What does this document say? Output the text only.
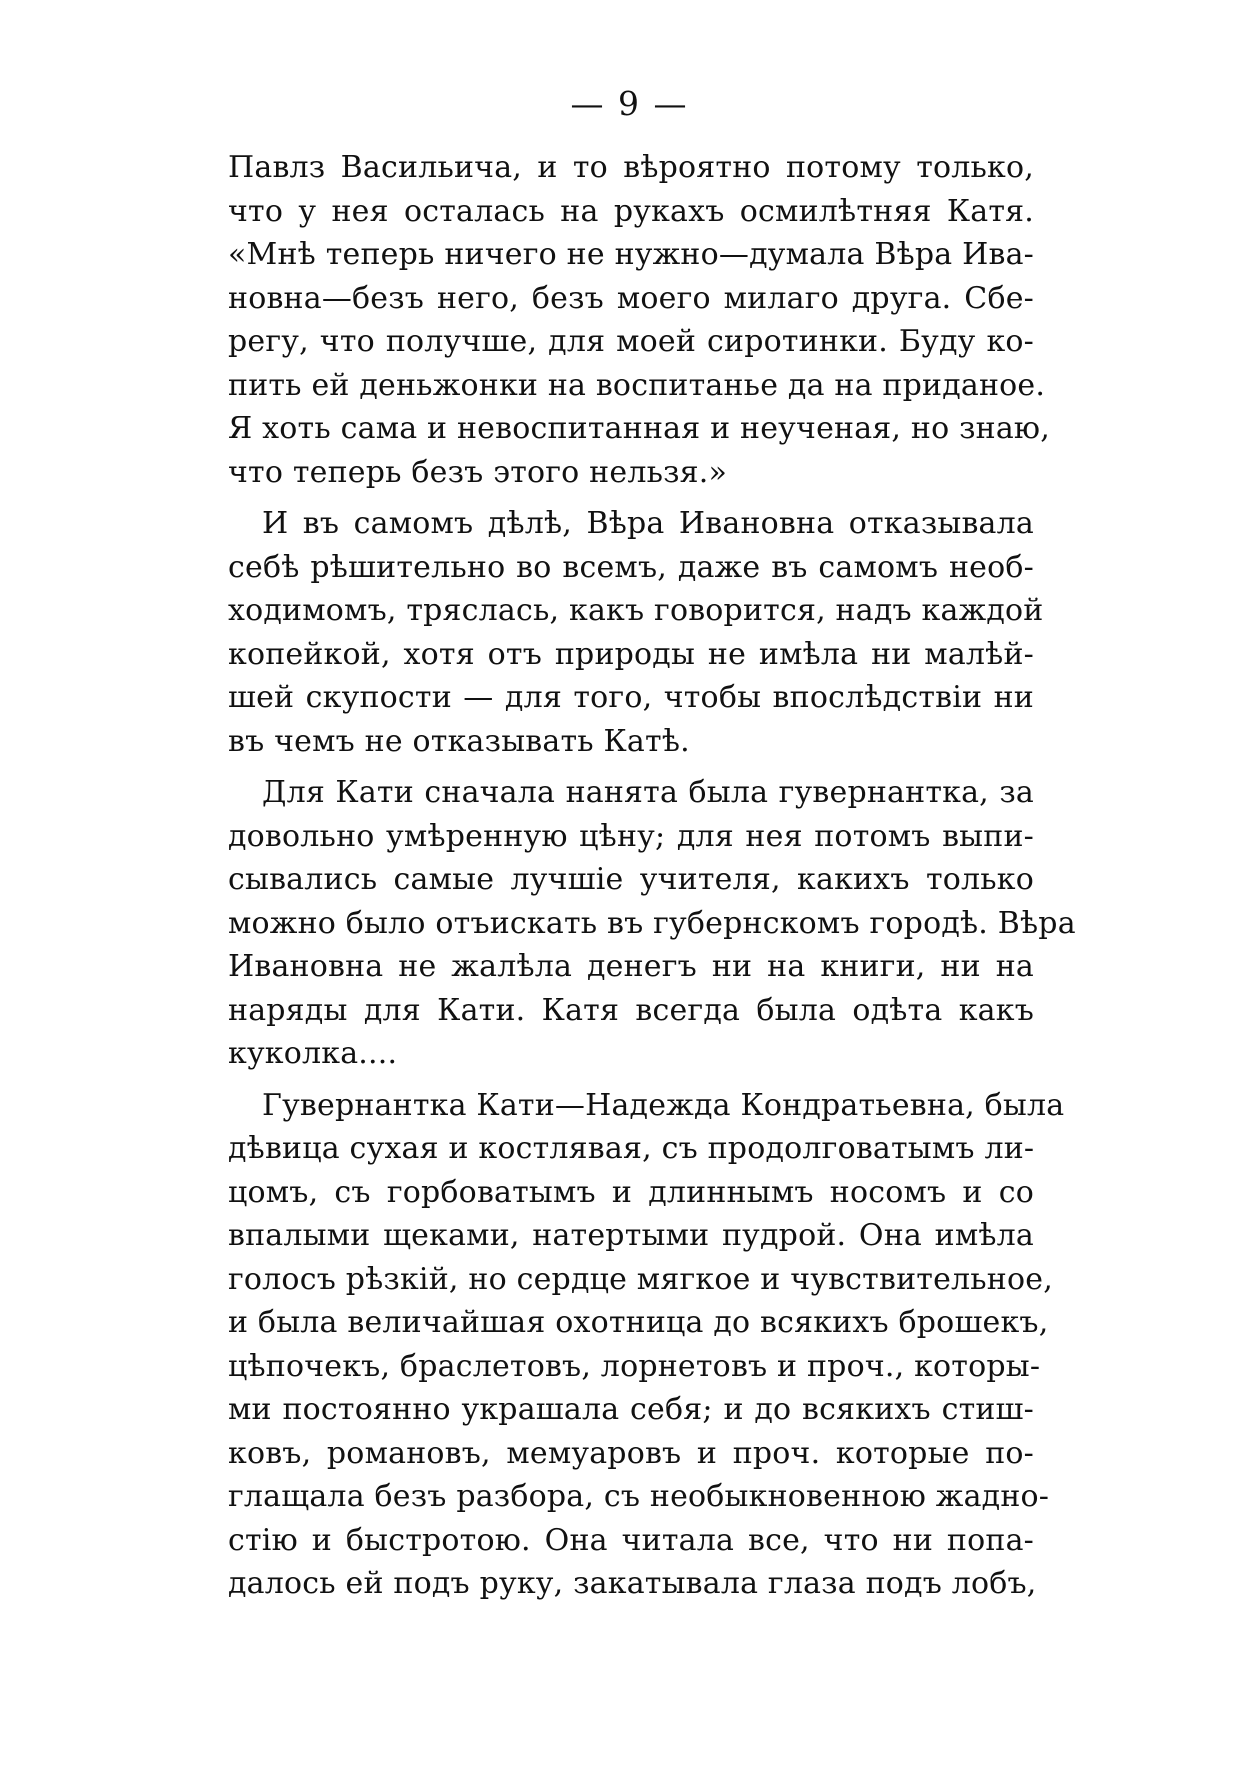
— 9 —
Павлз Васильича, и то вѣроятно потому только,
что у нея осталась на рукахъ осмилѣтняя Катя.
«Мнѣ теперь ничего не нужно—думала Вѣра Ива-
новна—безъ него, безъ моего милаго друга. Сбе-
регу, что получше, для моей сиротинки. Буду ко-
пить ей деньжонки на воспитанье да на приданое.
Я хоть сама и невоспитанная и неученая, но знаю,
что теперь безъ этого нельзя.»
И въ самомъ дѣлѣ, Вѣра Ивановна отказывала
себѣ рѣшительно во всемъ, даже въ самомъ необ-
ходимомъ, тряслась, какъ говорится, надъ каждой
копейкой, хотя отъ природы не имѣла ни малѣй-
шей скупости — для того, чтобы впослѣдствіи ни
въ чемъ не отказывать Катѣ.
Для Кати сначала нанята была гувернантка, за
довольно умѣренную цѣну; для нея потомъ выпи-
сывались самые лучшіе учителя, какихъ только
можно было отъискать въ губернскомъ городѣ. Вѣра
Ивановна не жалѣла денегъ ни на книги, ни на
наряды для Кати. Катя всегда была одѣта какъ
куколка....
Гувернантка Кати—Надежда Кондратьевна, была
дѣвица сухая и костлявая, съ продолговатымъ ли-
цомъ, съ горбоватымъ и длиннымъ носомъ и со
впалыми щеками, натертыми пудрой. Она имѣла
голосъ рѣзкій, но сердце мягкое и чувствительное,
и была величайшая охотница до всякихъ брошекъ,
цѣпочекъ, браслетовъ, лорнетовъ и проч., которы-
ми постоянно украшала себя; и до всякихъ стиш-
ковъ, романовъ, мемуаровъ и проч. которые по-
глащала безъ разбора, съ необыкновенною жадно-
стію и быстротою. Она читала все, что ни попа-
далось ей подъ руку, закатывала глаза подъ лобъ,
